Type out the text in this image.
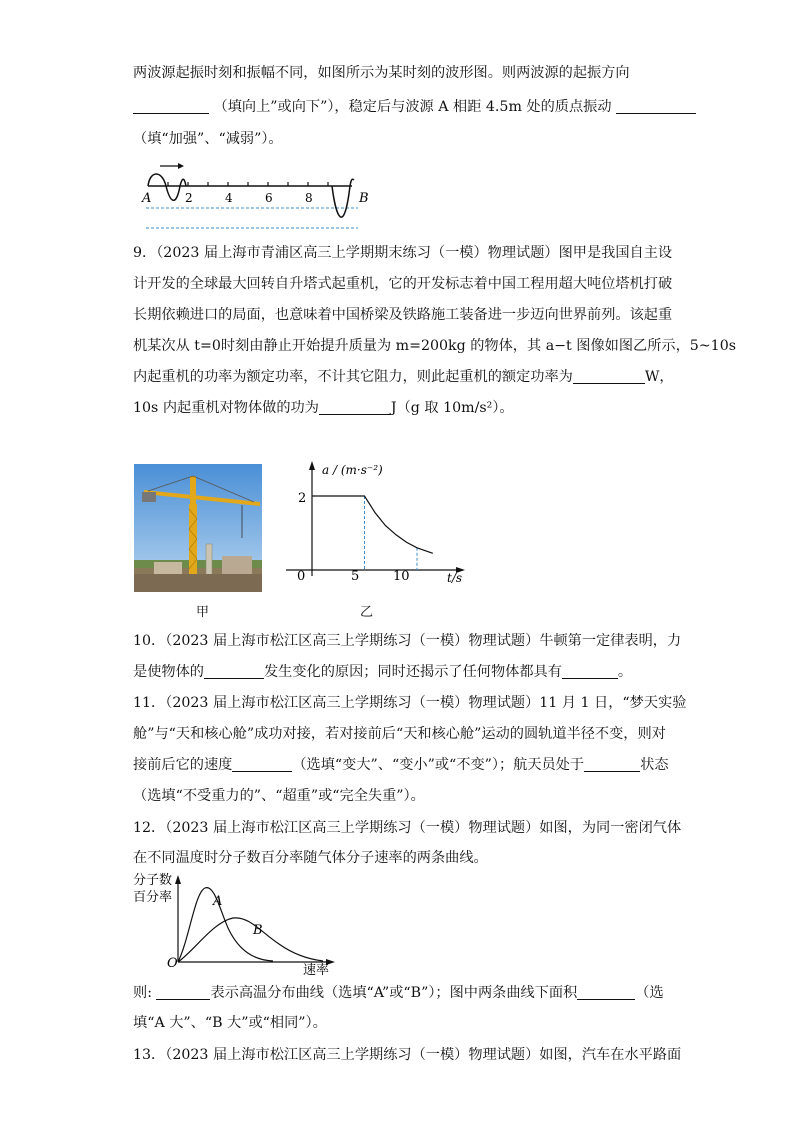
两波源起振时刻和振幅不同，如图所示为某时刻的波形图。则两波源的起振方向
（填向上”或向下”），稳定后与波源 A 相距 4.5m 处的质点振动
（填“加强”、“减弱”）。
A	B
2	4	6	8
9．（2023 届上海市青浦区高三上学期期末练习（一模）物理试题）图甲是我国自主设
计开发的全球最大回转自升塔式起重机，它的开发标志着中国工程用超大吨位塔机打破
长期依赖进口的局面，也意味着中国桥梁及铁路施工装备进一步迈向世界前列。该起重
机某次从 t=0时刻由静止开始提升质量为 m=200kg 的物体，其 a−t 图像如图乙所示，5~10s
内起重机的功率为额定功率，不计其它阻力，则此起重机的额定功率为	W，
10s 内起重机对物体做的功为	J（g 取 10m/s²）。
甲
a / (m·s⁻²)
t/s
0
2
5	10
乙
10．（2023 届上海市松江区高三上学期练习（一模）物理试题）牛顿第一定律表明，力
是使物体的	发生变化的原因；同时还揭示了任何物体都具有	。
11．（2023 届上海市松江区高三上学期练习（一模）物理试题）11 月 1 日，“梦天实验
舱”与“天和核心舱”成功对接，若对接前后“天和核心舱”运动的圆轨道半径不变，则对
接前后它的速度	（选填“变大”、“变小”或“不变”）；航天员处于	状态
（选填“不受重力的”、“超重”或“完全失重”）。
12．（2023 届上海市松江区高三上学期练习（一模）物理试题）如图，为同一密闭气体
在不同温度时分子数百分率随气体分子速率的两条曲线。
分子数
百分率
O	速率
A
B
则:	表示高温分布曲线（选填“A”或“B”）；图中两条曲线下面积	（选
填“A 大”、“B 大”或“相同”）。
13．（2023 届上海市松江区高三上学期练习（一模）物理试题）如图，汽车在水平路面
